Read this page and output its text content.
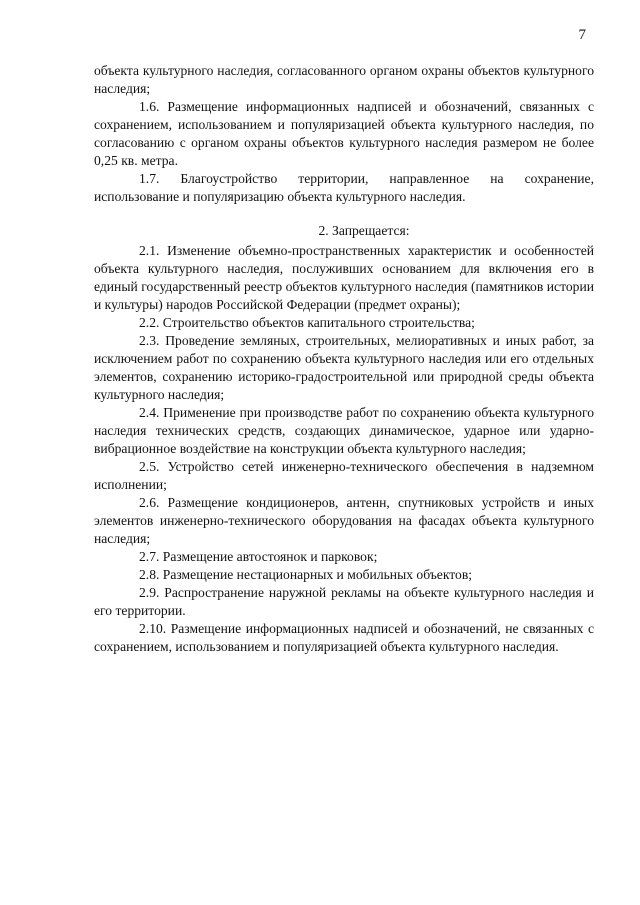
7

объекта культурного наследия, согласованного органом охраны объектов культурного наследия;

1.6. Размещение информационных надписей и обозначений, связанных с сохранением, использованием и популяризацией объекта культурного наследия, по согласованию с органом охраны объектов культурного наследия размером не более 0,25 кв. метра.

1.7. Благоустройство территории, направленное на сохранение, использование и популяризацию объекта культурного наследия.

2. Запрещается:

2.1. Изменение объемно-пространственных характеристик и особенностей объекта культурного наследия, послуживших основанием для включения его в единый государственный реестр объектов культурного наследия (памятников истории и культуры) народов Российской Федерации (предмет охраны);

2.2. Строительство объектов капитального строительства;

2.3. Проведение земляных, строительных, мелиоративных и иных работ, за исключением работ по сохранению объекта культурного наследия или его отдельных элементов, сохранению историко-градостроительной или природной среды объекта культурного наследия;

2.4. Применение при производстве работ по сохранению объекта культурного наследия технических средств, создающих динамическое, ударное или ударно-вибрационное воздействие на конструкции объекта культурного наследия;

2.5. Устройство сетей инженерно-технического обеспечения в надземном исполнении;

2.6. Размещение кондиционеров, антенн, спутниковых устройств и иных элементов инженерно-технического оборудования на фасадах объекта культурного наследия;

2.7. Размещение автостоянок и парковок;

2.8. Размещение нестационарных и мобильных объектов;

2.9. Распространение наружной рекламы на объекте культурного наследия и его территории.

2.10. Размещение информационных надписей и обозначений, не связанных с сохранением, использованием и популяризацией объекта культурного наследия.
